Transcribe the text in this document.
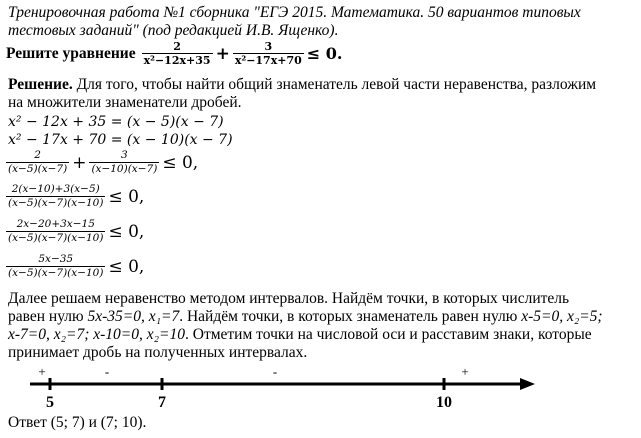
Тренировочная работа №1 сборника "ЕГЭ 2015. Математика. 50 вариантов типовых
тестовых заданий" (под редакцией И.В. Ященко).
Решите уравнение $\frac{2}{\text{x²−12x+35}} + \frac{3}{\text{x²−17x+70}} \le 0$.
Решение. Для того, чтобы найти общий знаменатель левой части неравенства, разложим
на множители знаменатели дробей.
x² − 12x + 35 = (x − 5)(x − 7)
x² − 17x + 70 = (x − 10)(x − 7)
$\frac{2}{(x-5)(x-7)} + \frac{3}{(x-10)(x-7)} \le 0$,
$\frac{2(x-10)+3(x-5)}{(x-5)(x-7)(x-10)} \le 0$,
$\frac{2x-20+3x-15}{(x-5)(x-7)(x-10)} \le 0$,
$\frac{5x-35}{(x-5)(x-7)(x-10)} \le 0$,
Далее решаем неравенство методом интервалов. Найдём точки, в которых числитель
равен нулю 5x-35=0, x₁=7. Найдём точки, в которых знаменатель равен нулю x-5=0, x₂=5;
x-7=0, x₂=7; x-10=0, x₂=10. Отметим точки на числовой оси и расставим знаки, которые
принимает дробь на полученных интервалах.
5	7	10
+	-	-	+
Ответ (5; 7) и (7; 10).
